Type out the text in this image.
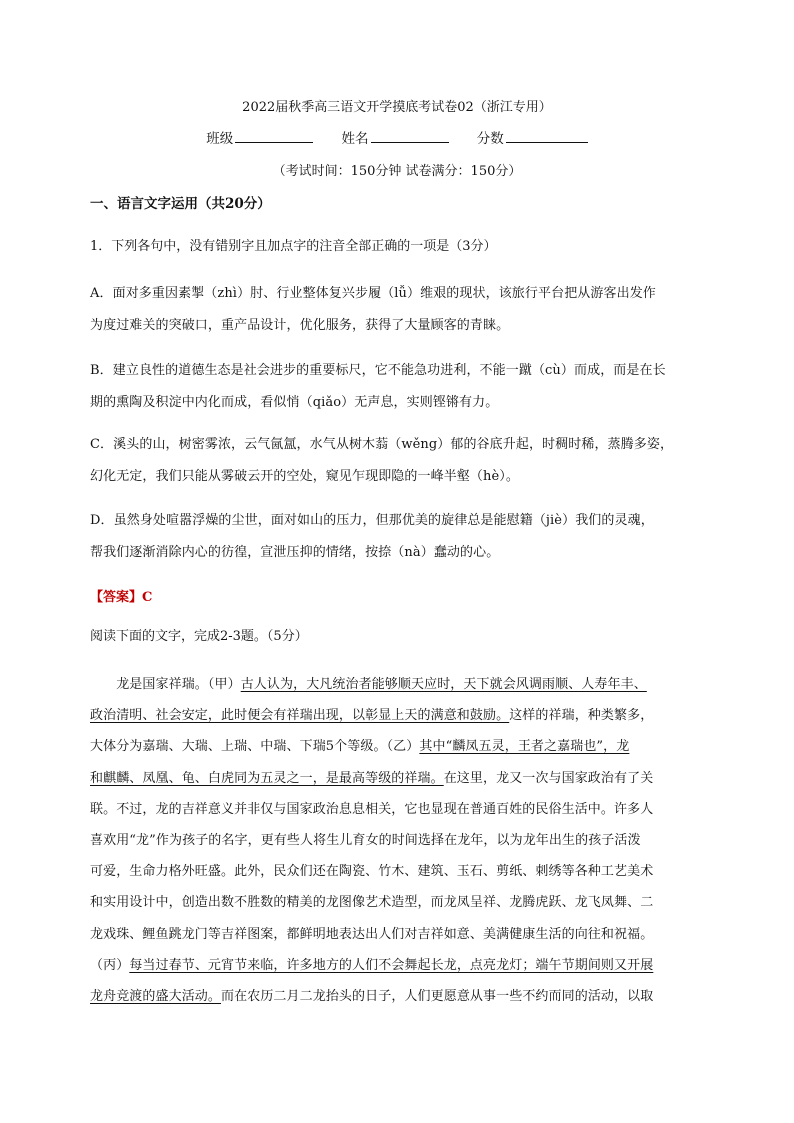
2022届秋季高三语文开学摸底考试卷02（浙江专用）
班级	姓名	分数
（考试时间：150分钟 试卷满分：150分）
一、语言文字运用（共20分）
1．下列各句中，没有错别字且加点字的注音全部正确的一项是（3分）
A．面对多重因素掣（zhì）肘、行业整体复兴步履（lǚ）维艰的现状，该旅行平台把从游客出发作
为度过难关的突破口，重产品设计，优化服务，获得了大量顾客的青睐。
B．建立良性的道德生态是社会进步的重要标尺，它不能急功进利，不能一蹴（cù）而成，而是在长
期的熏陶及积淀中内化而成，看似悄（qiǎo）无声息，实则铿锵有力。
C．溪头的山，树密雾浓，云气氤氲，水气从树木蓊（wěng）郁的谷底升起，时稠时稀，蒸腾多姿，
幻化无定，我们只能从雾破云开的空处，窥见乍现即隐的一峰半壑（hè）。
D．虽然身处喧嚣浮燥的尘世，面对如山的压力，但那优美的旋律总是能慰籍（jiè）我们的灵魂，
帮我们逐渐消除内心的彷徨，宣泄压抑的情绪，按捺（nà）蠢动的心。
【答案】C
阅读下面的文字，完成2-3题。（5分）
　　龙是国家祥瑞。（甲）古人认为，大凡统治者能够顺天应时，天下就会风调雨顺、人寿年丰、
政治清明、社会安定，此时便会有祥瑞出现，以彰显上天的满意和鼓励。这样的祥瑞，种类繁多，
大体分为嘉瑞、大瑞、上瑞、中瑞、下瑞5个等级。（乙）其中“麟凤五灵，王者之嘉瑞也”，龙
和麒麟、凤凰、龟、白虎同为五灵之一，是最高等级的祥瑞。在这里，龙又一次与国家政治有了关
联。不过，龙的吉祥意义并非仅与国家政治息息相关，它也显现在普通百姓的民俗生活中。许多人
喜欢用“龙”作为孩子的名字，更有些人将生儿育女的时间选择在龙年，以为龙年出生的孩子活泼
可爱，生命力格外旺盛。此外，民众们还在陶瓷、竹木、建筑、玉石、剪纸、刺绣等各种工艺美术
和实用设计中，创造出数不胜数的精美的龙图像艺术造型，而龙凤呈祥、龙腾虎跃、龙飞凤舞、二
龙戏珠、鲤鱼跳龙门等吉祥图案，都鲜明地表达出人们对吉祥如意、美满健康生活的向往和祝福。
（丙）每当过春节、元宵节来临，许多地方的人们不会舞起长龙，点亮龙灯；端午节期间则又开展
龙舟竞渡的盛大活动。而在农历二月二龙抬头的日子，人们更愿意从事一些不约而同的活动，以取
